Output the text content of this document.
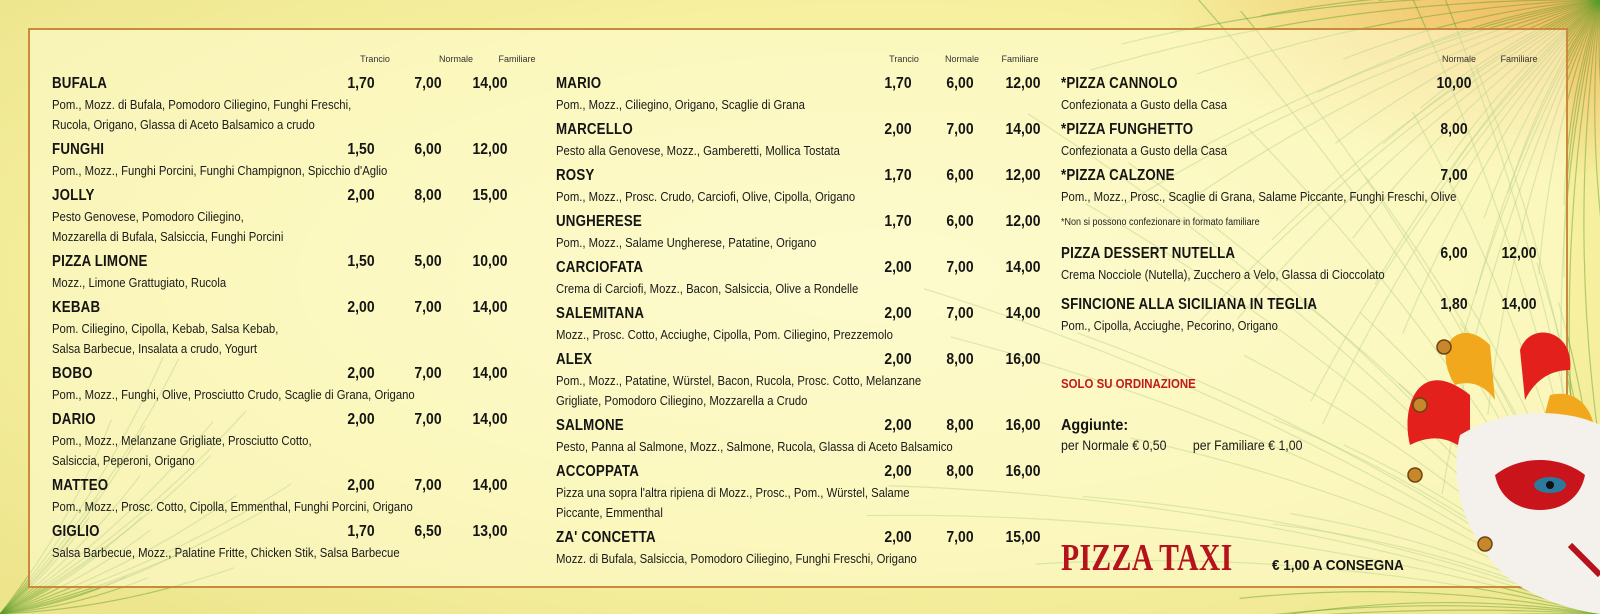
Trancio	Normale	Familiare
BUFALA	1,70	7,00 14,00
Pom., Mozz. di Bufala, Pomodoro Ciliegino, Funghi Freschi,
Rucola, Origano, Glassa di Aceto Balsamico a crudo
FUNGHI	1,50	6,00 12,00
Pom., Mozz., Funghi Porcini, Funghi Champignon, Spicchio d'Aglio
JOLLY	2,00	8,00 15,00
Pesto Genovese, Pomodoro Ciliegino,
Mozzarella di Bufala, Salsiccia, Funghi Porcini
PIZZA LIMONE	1,50	5,00 10,00
Mozz., Limone Grattugiato, Rucola
KEBAB	2,00	7,00 14,00
Pom. Ciliegino, Cipolla, Kebab, Salsa Kebab,
Salsa Barbecue, Insalata a crudo, Yogurt
BOBO	2,00	7,00 14,00
Pom., Mozz., Funghi, Olive, Prosciutto Crudo, Scaglie di Grana, Origano
DARIO	2,00	7,00 14,00
Pom., Mozz., Melanzane Grigliate, Prosciutto Cotto,
Salsiccia, Peperoni, Origano
MATTEO	2,00	7,00 14,00
Pom., Mozz., Prosc. Cotto, Cipolla, Emmenthal, Funghi Porcini, Origano
GIGLIO	1,70	6,50 13,00
Salsa Barbecue, Mozz., Palatine Fritte, Chicken Stik, Salsa Barbecue
Trancio	Normale Familiare
MARIO	1,70 6,00 12,00
Pom., Mozz., Ciliegino, Origano, Scaglie di Grana
MARCELLO	2,00 7,00 14,00
Pesto alla Genovese, Mozz., Gamberetti, Mollica Tostata
ROSY	1,70 6,00 12,00
Pom., Mozz., Prosc. Crudo, Carciofi, Olive, Cipolla, Origano
UNGHERESE	1,70 6,00 12,00
Pom., Mozz., Salame Ungherese, Patatine, Origano
CARCIOFATA	2,00 7,00 14,00
Crema di Carciofi, Mozz., Bacon, Salsiccia, Olive a Rondelle
SALEMITANA	2,00 7,00 14,00
Mozz., Prosc. Cotto, Acciughe, Cipolla, Pom. Ciliegino, Prezzemolo
ALEX	2,00 8,00 16,00
Pom., Mozz., Patatine, Würstel, Bacon, Rucola, Prosc. Cotto, Melanzane
Grigliate, Pomodoro Ciliegino, Mozzarella a Crudo
SALMONE	2,00 8,00 16,00
Pesto, Panna al Salmone, Mozz., Salmone, Rucola, Glassa di Aceto Balsamico
ACCOPPATA	2,00 8,00 16,00
Pizza una sopra l'altra ripiena di Mozz., Prosc., Pom., Würstel, Salame
Piccante, Emmenthal
ZA' CONCETTA	2,00 7,00 15,00
Mozz. di Bufala, Salsiccia, Pomodoro Ciliegino, Funghi Freschi, Origano
Normale	Familiare
*PIZZA CANNOLO	10,00
Confezionata a Gusto della Casa
*PIZZA FUNGHETTO	8,00
Confezionata a Gusto della Casa
*PIZZA CALZONE	7,00
Pom., Mozz., Prosc., Scaglie di Grana, Salame Piccante, Funghi Freschi, Olive
*Non si possono confezionare in formato familiare
PIZZA DESSERT NUTELLA	6,00 12,00
Crema Nocciole (Nutella), Zucchero a Velo, Glassa di Cioccolato
SFINCIONE ALLA SICILIANA IN TEGLIA	1,80 14,00
Pom., Cipolla, Acciughe, Pecorino, Origano
SOLO SU ORDINAZIONE
Aggiunte:
per Normale € 0,50 per Familiare € 1,00
PIZZA TAXI	€ 1,00 A CONSEGNA
